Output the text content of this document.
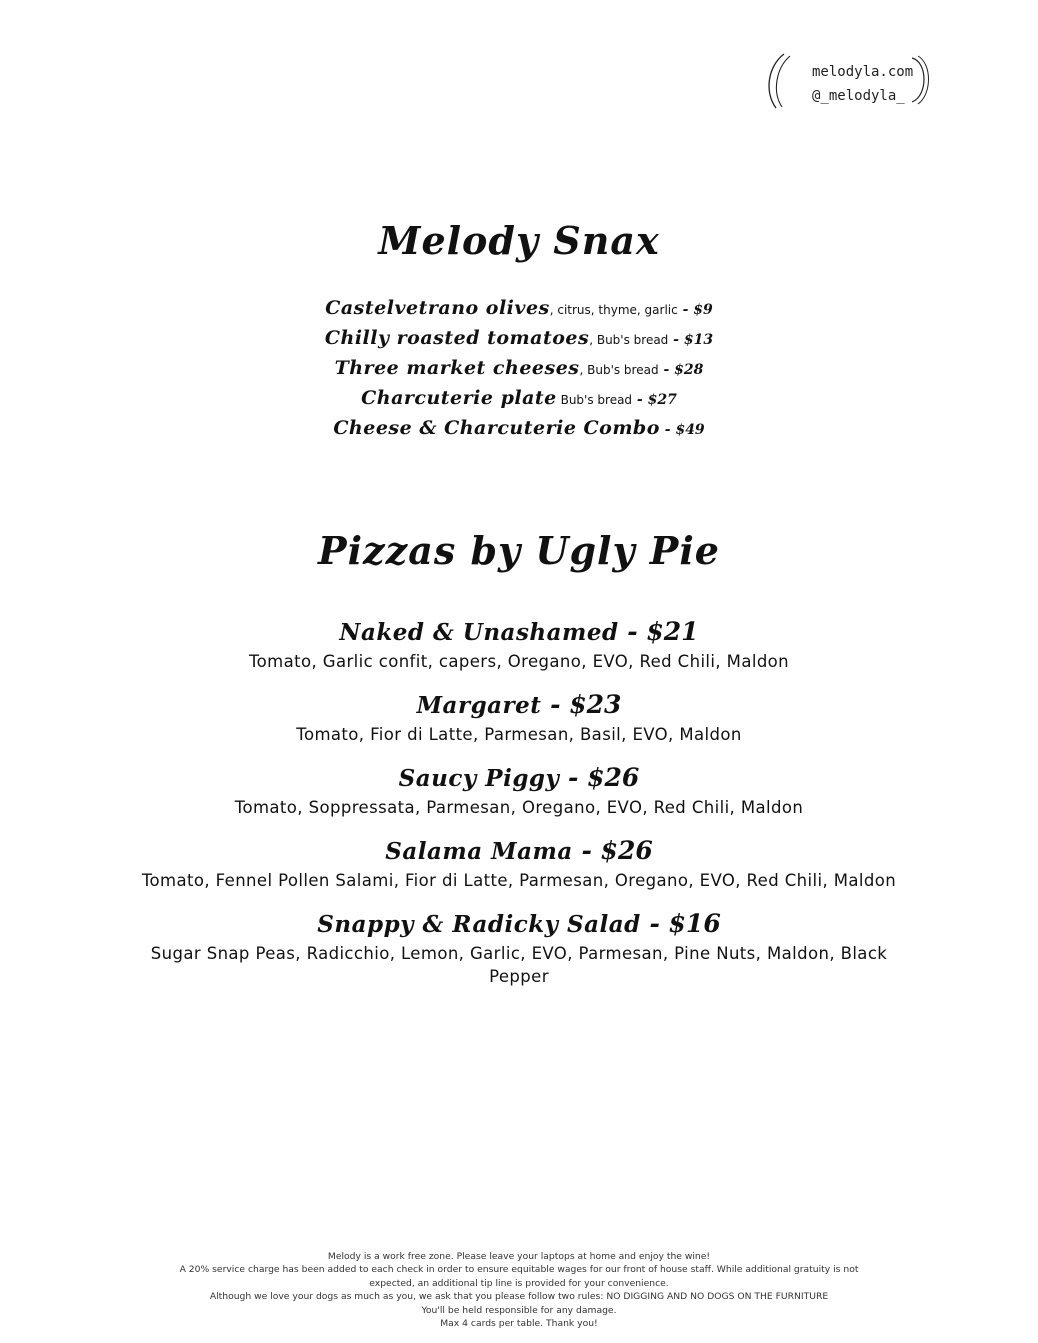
melodyla.com
@_melodyla_
Melody Snax
Castelvetrano olives, citrus, thyme, garlic - $9
Chilly roasted tomatoes, Bub's bread - $13
Three market cheeses, Bub's bread - $28
Charcuterie plate Bub's bread - $27
Cheese & Charcuterie Combo - $49
Pizzas by Ugly Pie
Naked & Unashamed - $21
Tomato, Garlic confit, capers, Oregano, EVO, Red Chili, Maldon
Margaret - $23
Tomato, Fior di Latte, Parmesan, Basil, EVO, Maldon
Saucy Piggy - $26
Tomato, Soppressata, Parmesan, Oregano, EVO, Red Chili, Maldon
Salama Mama - $26
Tomato, Fennel Pollen Salami, Fior di Latte, Parmesan, Oregano, EVO, Red Chili, Maldon
Snappy & Radicky Salad - $16
Sugar Snap Peas, Radicchio, Lemon, Garlic, EVO, Parmesan, Pine Nuts, Maldon, Black Pepper
Melody is a work free zone. Please leave your laptops at home and enjoy the wine!
A 20% service charge has been added to each check in order to ensure equitable wages for our front of house staff. While additional gratuity is not expected, an additional tip line is provided for your convenience.
Although we love your dogs as much as you, we ask that you please follow two rules: NO DIGGING AND NO DOGS ON THE FURNITURE
You'll be held responsible for any damage.
Max 4 cards per table. Thank you!
